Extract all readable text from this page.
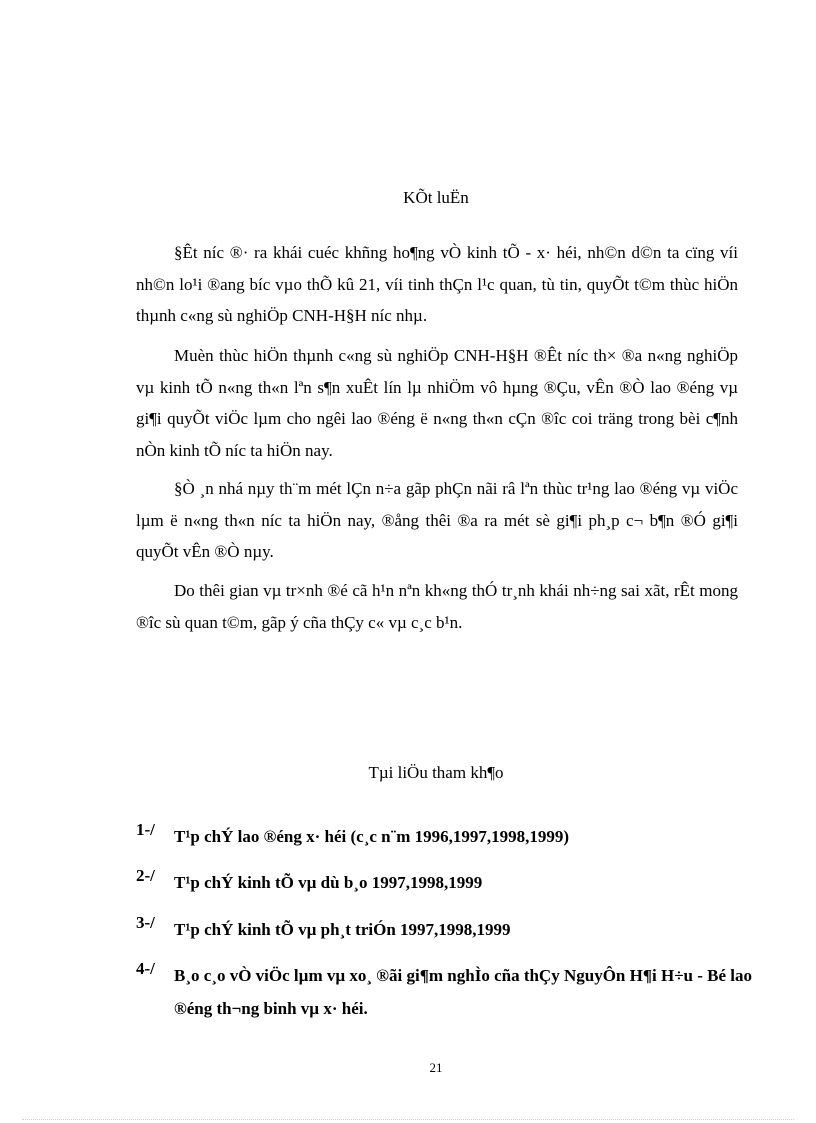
KÕt luËn

§Êt níc ®· ra khái cuéc khñng ho¶ng vÒ kinh tÕ - x· héi, nh©n d©n ta cïng víi nh©n lo¹i ®ang bíc vµo thÕ kû 21, víi tinh thÇn l¹c quan, tù tin, quyÕt t©m thùc hiÖn thµnh c«ng sù nghiÖp CNH-H§H níc nhµ.

Muèn thùc hiÖn thµnh c«ng sù nghiÖp CNH-H§H ®Êt níc th× ®a n«ng nghiÖp vµ kinh tÕ n«ng th«n lªn s¶n xuÊt lín lµ nhiÖm vô hµng ®Çu, vÊn ®Ò lao ®éng vµ gi¶i quyÕt viÖc lµm cho ngêi lao ®éng ë n«ng th«n cÇn ®îc coi träng trong bèi c¶nh nÒn kinh tÕ níc ta hiÖn nay.

§Ò ¸n nhá nµy th¨m mét lÇn n÷a gãp phÇn nãi râ lªn thùc tr¹ng lao ®éng vµ viÖc lµm ë n«ng th«n níc ta hiÖn nay, ®ång thêi ®a ra mét sè gi¶i ph¸p c¬ b¶n ®Ó gi¶i quyÕt vÊn ®Ò nµy.

Do thêi gian vµ tr×nh ®é cã h¹n nªn kh«ng thÓ tr¸nh khái nh÷ng sai xãt, rÊt mong ®îc sù quan t©m, gãp ý cña thÇy c« vµ c¸c b¹n.

Tµi liÖu tham kh¶o
1-/ T¹p chÝ lao ®éng x· héi (c¸c n¨m 1996,1997,1998,1999)
2-/ T¹p chÝ kinh tÕ vµ dù b¸o 1997,1998,1999
3-/ T¹p chÝ kinh tÕ vµ ph¸t triÓn 1997,1998,1999
4-/ B¸o c¸o vÒ viÖc lµm vµ xo¸ ®ãi gi¶m nghÌo cña thÇy NguyÔn H¶i H÷u - Bé lao ®éng th¬ng binh vµ x· héi.
21
